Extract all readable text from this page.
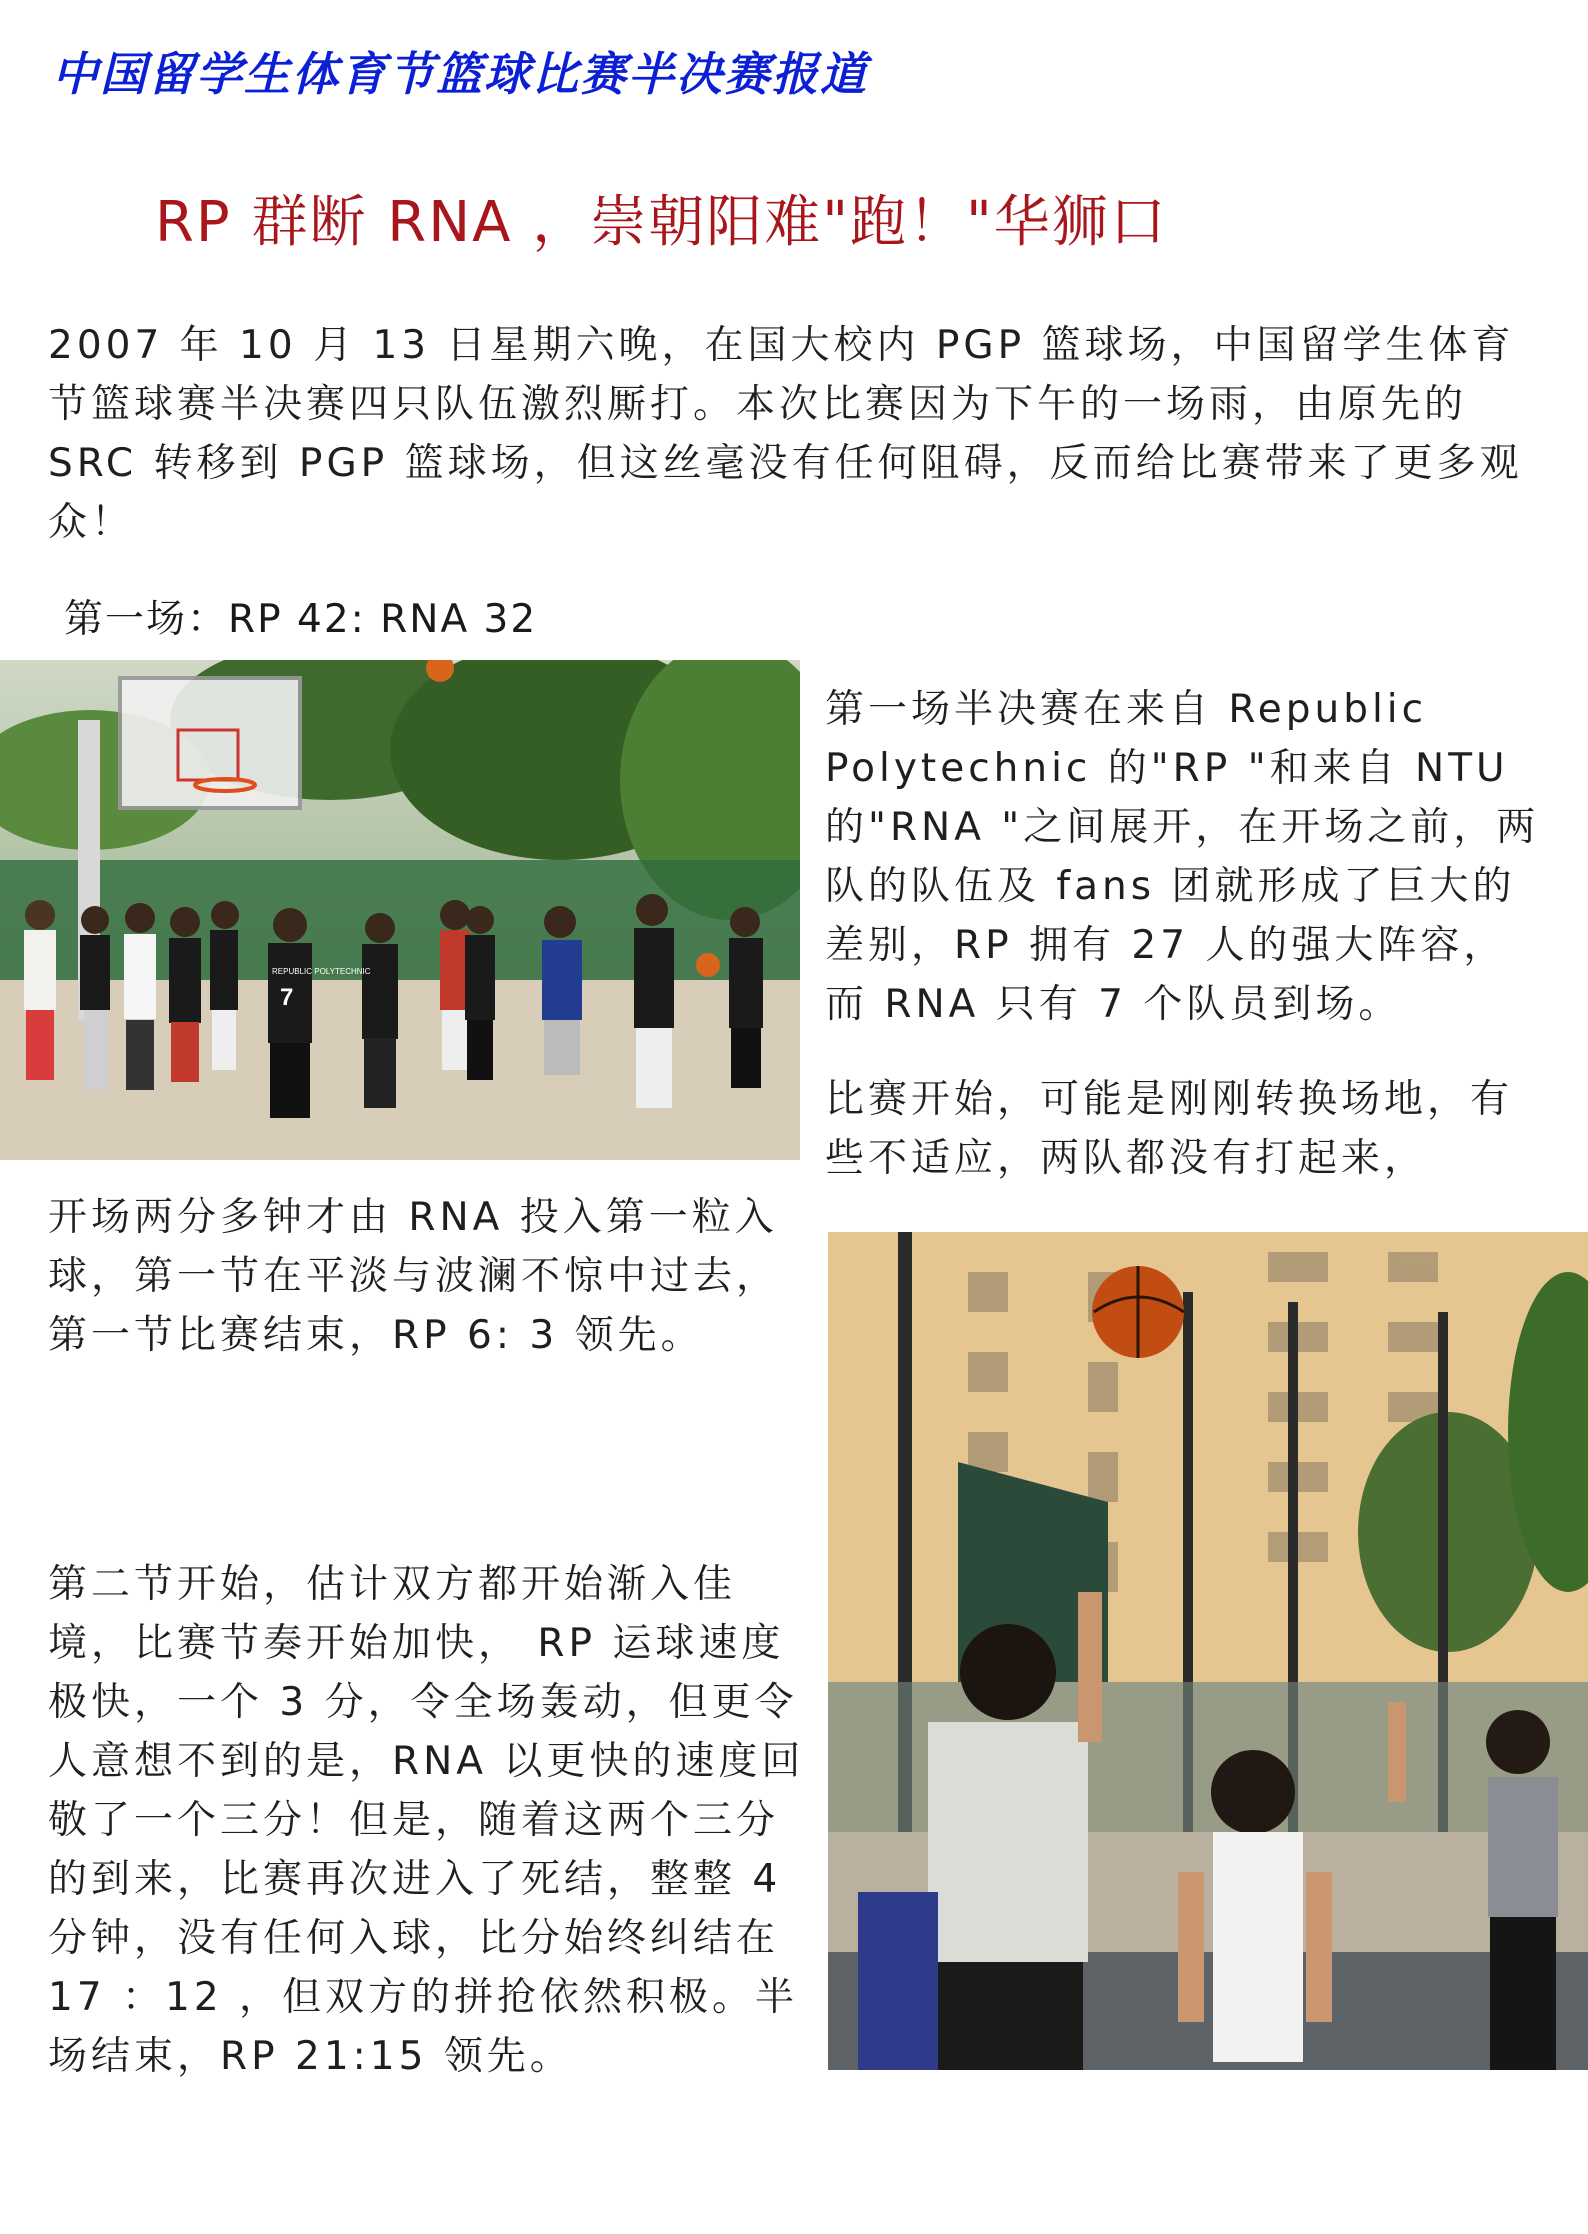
中国留学生体育节篮球比赛半决赛报道
RP 群断 RNA ，崇朝阳难"跑！"华狮口
2007 年 10 月 13 日星期六晚，在国大校内 PGP 篮球场，中国留学生体育节篮球赛半决赛四只队伍激烈厮打。本次比赛因为下午的一场雨，由原先的 SRC 转移到 PGP 篮球场，但这丝毫没有任何阻碍，反而给比赛带来了更多观众！
第一场：RP 42: RNA 32
REPUBLIC POLYTECHNIC
7
第一场半决赛在来自 Republic Polytechnic 的"RP "和来自 NTU 的"RNA "之间展开，在开场之前，两队的队伍及 fans 团就形成了巨大的差别，RP 拥有 27 人的强大阵容，而 RNA 只有 7 个队员到场。
比赛开始，可能是刚刚转换场地，有些不适应，两队都没有打起来，
开场两分多钟才由 RNA 投入第一粒入球，第一节在平淡与波澜不惊中过去，第一节比赛结束，RP 6: 3 领先。
第二节开始，估计双方都开始渐入佳境，比赛节奏开始加快， RP 运球速度极快，一个 3 分，令全场轰动，但更令人意想不到的是，RNA 以更快的速度回敬了一个三分！但是，随着这两个三分的到来，比赛再次进入了死结，整整 4 分钟，没有任何入球，比分始终纠结在 17 ：12 ，但双方的拼抢依然积极。半场结束，RP 21:15 领先。
